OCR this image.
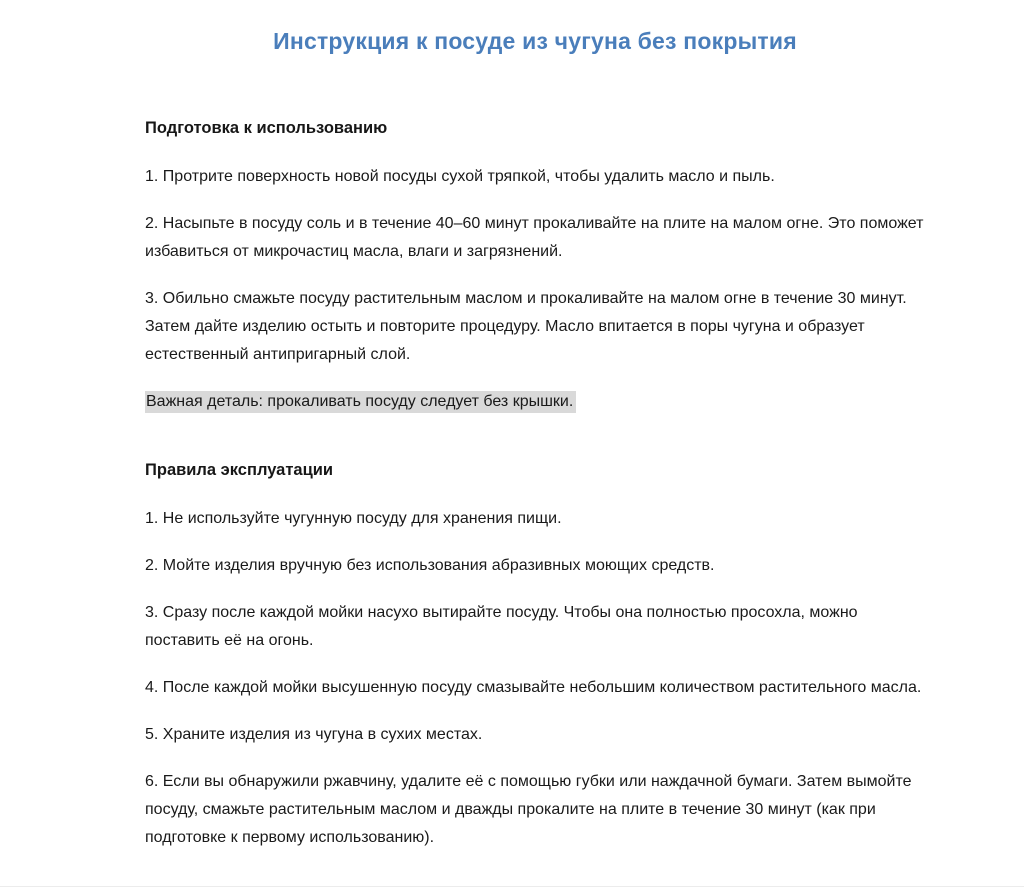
Инструкция к посуде из чугуна без покрытия
Подготовка к использованию

1. Протрите поверхность новой посуды сухой тряпкой, чтобы удалить масло и пыль.

2. Насыпьте в посуду соль и в течение 40–60 минут прокаливайте на плите на малом огне. Это поможет избавиться от микрочастиц масла, влаги и загрязнений.

3. Обильно смажьте посуду растительным маслом и прокаливайте на малом огне в течение 30 минут. Затем дайте изделию остыть и повторите процедуру. Масло впитается в поры чугуна и образует естественный антипригарный слой.

Важная деталь: прокаливать посуду следует без крышки.

Правила эксплуатации

1. Не используйте чугунную посуду для хранения пищи.

2. Мойте изделия вручную без использования абразивных моющих средств.

3. Сразу после каждой мойки насухо вытирайте посуду. Чтобы она полностью просохла, можно поставить её на огонь.

4. После каждой мойки высушенную посуду смазывайте небольшим количеством растительного масла.

5. Храните изделия из чугуна в сухих местах.

6. Если вы обнаружили ржавчину, удалите её с помощью губки или наждачной бумаги. Затем вымойте посуду, смажьте растительным маслом и дважды прокалите на плите в течение 30 минут (как при подготовке к первому использованию).
